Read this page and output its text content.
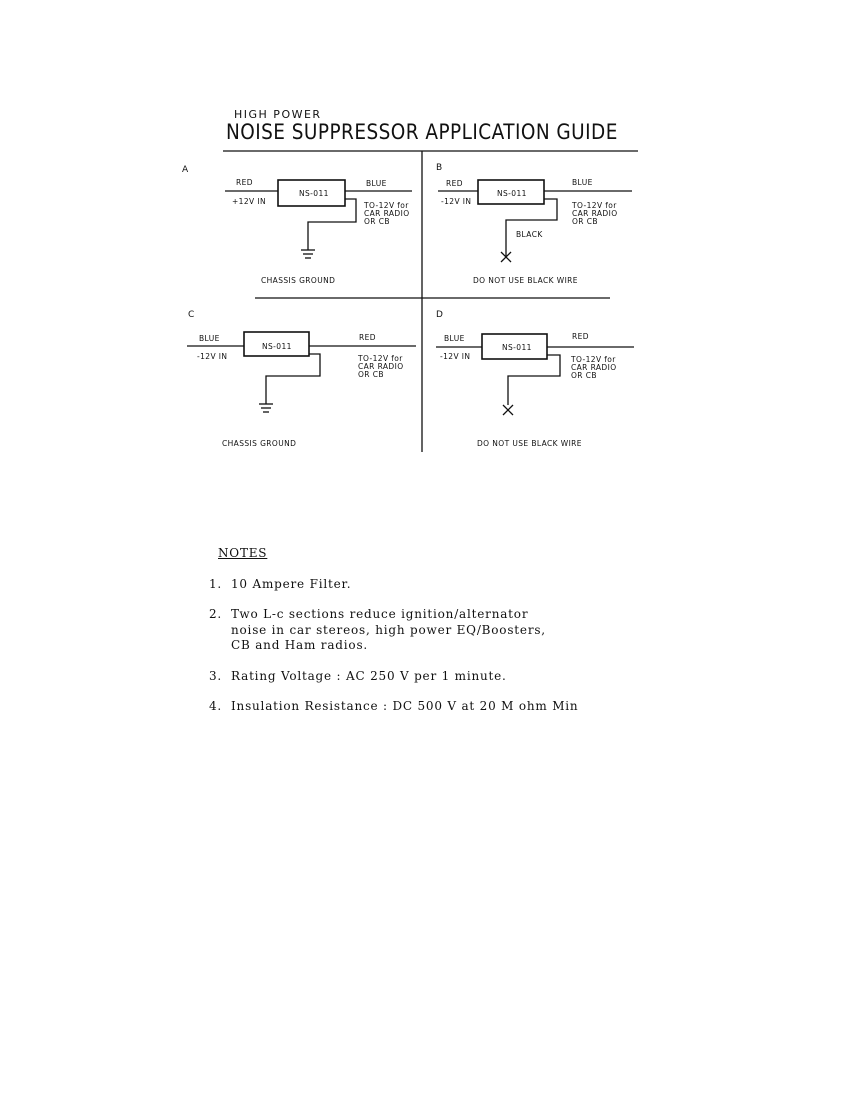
HIGH POWER
NOISE SUPPRESSOR APPLICATION GUIDE
A
RED
+12V IN
NS-011
BLUE
TO-12V for
CAR RADIO
OR CB
CHASSIS GROUND
B
RED
-12V IN
NS-011
BLUE
TO-12V for
CAR RADIO
OR CB
BLACK
DO NOT USE BLACK WIRE
C
BLUE
-12V IN
NS-011
RED
TO-12V for
CAR RADIO
OR CB
CHASSIS GROUND
D
BLUE
-12V IN
NS-011
RED
TO-12V for
CAR RADIO
OR CB
DO NOT USE BLACK WIRE
NOTES
1. 10 Ampere Filter.
2. Two L-c sections reduce ignition/alternator
noise in car stereos, high power EQ/Boosters,
CB and Ham radios.
3. Rating Voltage : AC 250 V per 1 minute.
4. Insulation Resistance : DC 500 V at 20 M ohm Min
